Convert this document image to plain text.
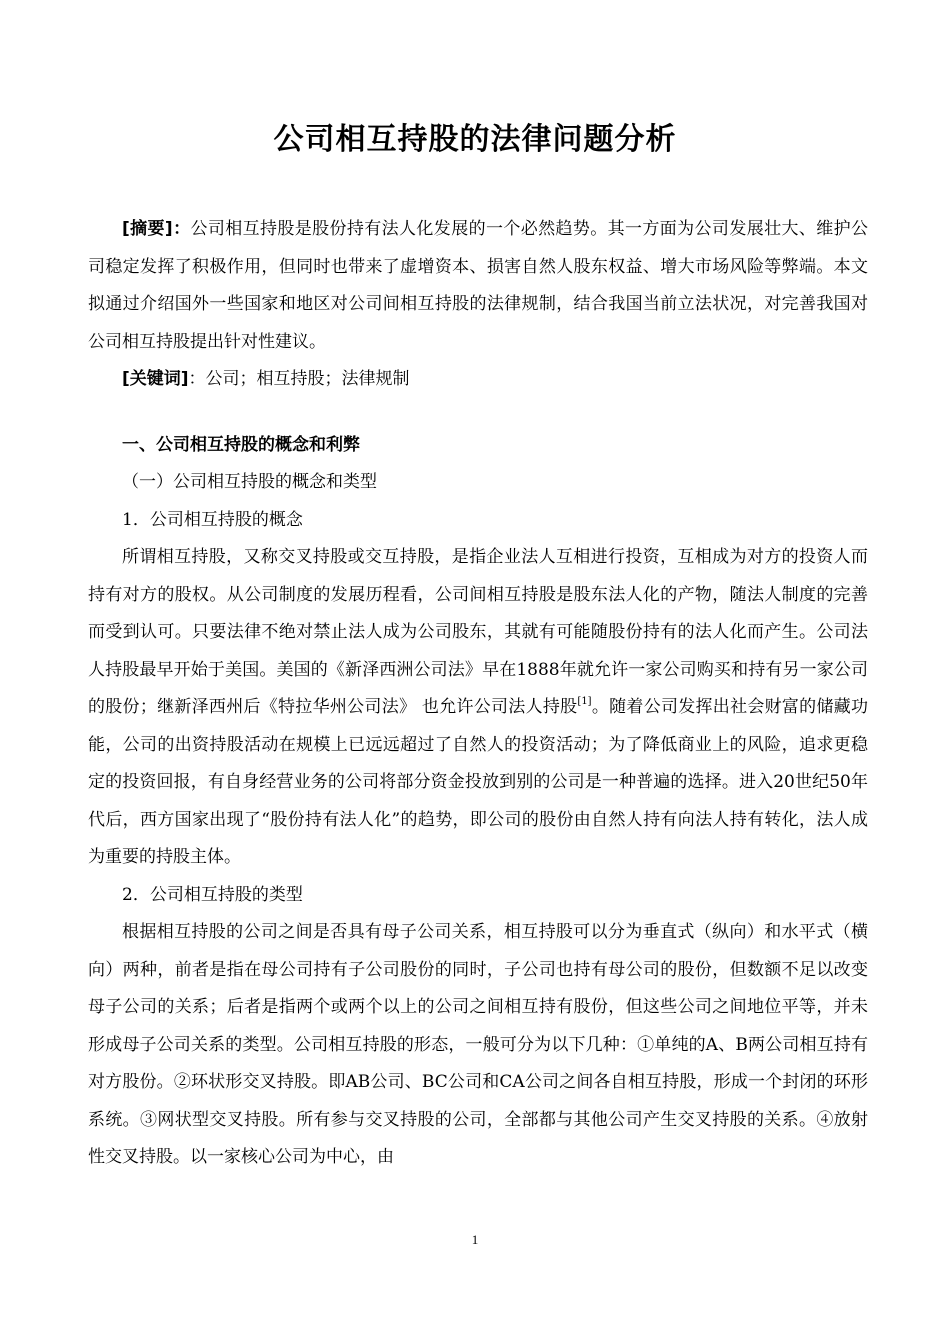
公司相互持股的法律问题分析

[摘要]：公司相互持股是股份持有法人化发展的一个必然趋势。其一方面为公司发展壮大、维护公司稳定发挥了积极作用，但同时也带来了虚增资本、损害自然人股东权益、增大市场风险等弊端。本文拟通过介绍国外一些国家和地区对公司间相互持股的法律规制，结合我国当前立法状况，对完善我国对公司相互持股提出针对性建议。

[关键词]：公司；相互持股；法律规制

一、公司相互持股的概念和利弊

（一）公司相互持股的概念和类型

1．公司相互持股的概念

所谓相互持股，又称交叉持股或交互持股，是指企业法人互相进行投资，互相成为对方的投资人而持有对方的股权。从公司制度的发展历程看，公司间相互持股是股东法人化的产物，随法人制度的完善而受到认可。只要法律不绝对禁止法人成为公司股东，其就有可能随股份持有的法人化而产生。公司法人持股最早开始于美国。美国的《新泽西洲公司法》早在1888年就允许一家公司购买和持有另一家公司的股份；继新泽西州后《特拉华州公司法》 也允许公司法人持股[1]。随着公司发挥出社会财富的储藏功能，公司的出资持股活动在规模上已远远超过了自然人的投资活动；为了降低商业上的风险，追求更稳定的投资回报，有自身经营业务的公司将部分资金投放到别的公司是一种普遍的选择。进入20世纪50年代后，西方国家出现了“股份持有法人化”的趋势，即公司的股份由自然人持有向法人持有转化，法人成为重要的持股主体。

2．公司相互持股的类型

根据相互持股的公司之间是否具有母子公司关系，相互持股可以分为垂直式（纵向）和水平式（横向）两种，前者是指在母公司持有子公司股份的同时，子公司也持有母公司的股份，但数额不足以改变母子公司的关系；后者是指两个或两个以上的公司之间相互持有股份，但这些公司之间地位平等，并未形成母子公司关系的类型。公司相互持股的形态，一般可分为以下几种：①单纯的A、B两公司相互持有对方股份。②环状形交叉持股。即AB公司、BC公司和CA公司之间各自相互持股，形成一个封闭的环形系统。③网状型交叉持股。所有参与交叉持股的公司，全部都与其他公司产生交叉持股的关系。④放射性交叉持股。以一家核心公司为中心，由

1
